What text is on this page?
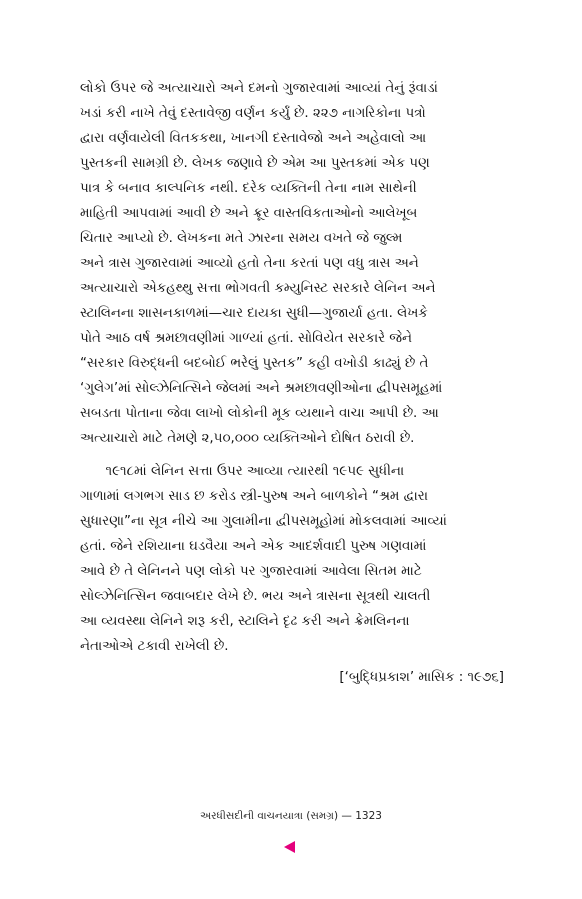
લોકો ઉપર જે અત્યાચારો અને દમનો ગુજારવામાં આવ્યાં તેનું રૂંવાડાં
ખડાં કરી નાખે તેવું દસ્તાવેજી વર્ણન કર્યું છે. ૨૨૭ નાગરિકોના પત્રો
દ્વારા વર્ણવાયેલી વિતકકથા, ખાનગી દસ્તાવેજો અને અહેવાલો આ
પુસ્તકની સામગ્રી છે. લેખક જણાવે છે એમ આ પુસ્તકમાં એક પણ
પાત્ર કે બનાવ કાલ્પનિક નથી. દરેક વ્યક્તિની તેના નામ સાથેની
માહિતી આપવામાં આવી છે અને ક્રૂર વાસ્તવિકતાઓનો આલેખૂબ
ચિતાર આપ્યો છે. લેખકના મતે ઝારના સમય વખતે જે જુલ્મ
અને ત્રાસ ગુજારવામાં આવ્યો હતો તેના કરતાં પણ વધુ ત્રાસ અને
અત્યાચારો એકહથ્થુ સત્તા ભોગવતી કમ્યુનિસ્ટ સરકારે લેનિન અને
સ્ટાલિનના શાસનકાળમાં—ચાર દાયકા સુધી—ગુજાર્યા હતા. લેખકે
પોતે આઠ વર્ષ શ્રમછાવણીમાં ગાળ્યાં હતાં. સોવિયેત સરકારે જેને
“સરકાર વિરુદ્ધની બદબોઈ ભરેલું પુસ્તક” કહી વખોડી કાઢ્યું છે તે
‘ગુલેગ’માં સોલ્ઝેનિત્સિને જેલમાં અને શ્રમછાવણીઓના દ્વીપસમૂહમાં
સબડતા પોતાના જેવા લાખો લોકોની મૂક વ્યથાને વાચા આપી છે. આ
અત્યાચારો માટે તેમણે ૨,૫૦,૦૦૦ વ્યક્તિઓને દોષિત ઠરાવી છે.
૧૯૧૮માં લેનિન સત્તા ઉપર આવ્યા ત્યારથી ૧૯૫૯ સુધીના
ગાળામાં લગભગ સાડ છ કરોડ સ્ત્રી-પુરુષ અને બાળકોને “શ્રમ દ્વારા
સુધારણા”ના સૂત્ર નીચે આ ગુલામીના દ્વીપસમૂહોમાં મોકલવામાં આવ્યાં
હતાં. જેને રશિયાના ઘડવૈયા અને એક આદર્શવાદી પુરુષ ગણવામાં
આવે છે તે લેનિનને પણ લોકો પર ગુજારવામાં આવેલા સિતમ માટે
સોલ્ઝેનિત્સિન જવાબદાર લેખે છે. ભય અને ત્રાસના સૂત્રથી ચાલતી
આ વ્યવસ્થા લેનિને શરૂ કરી, સ્ટાલિને દૃઢ કરી અને ક્રેમલિનના
નેતાઓએ ટકાવી રાખેલી છે.
[‘બુદ્ધિપ્રકાશ’ માસિક : ૧૯૭૬]
અરધીસદીની વાચનયાત્રા (સમગ્ર) — 1323
